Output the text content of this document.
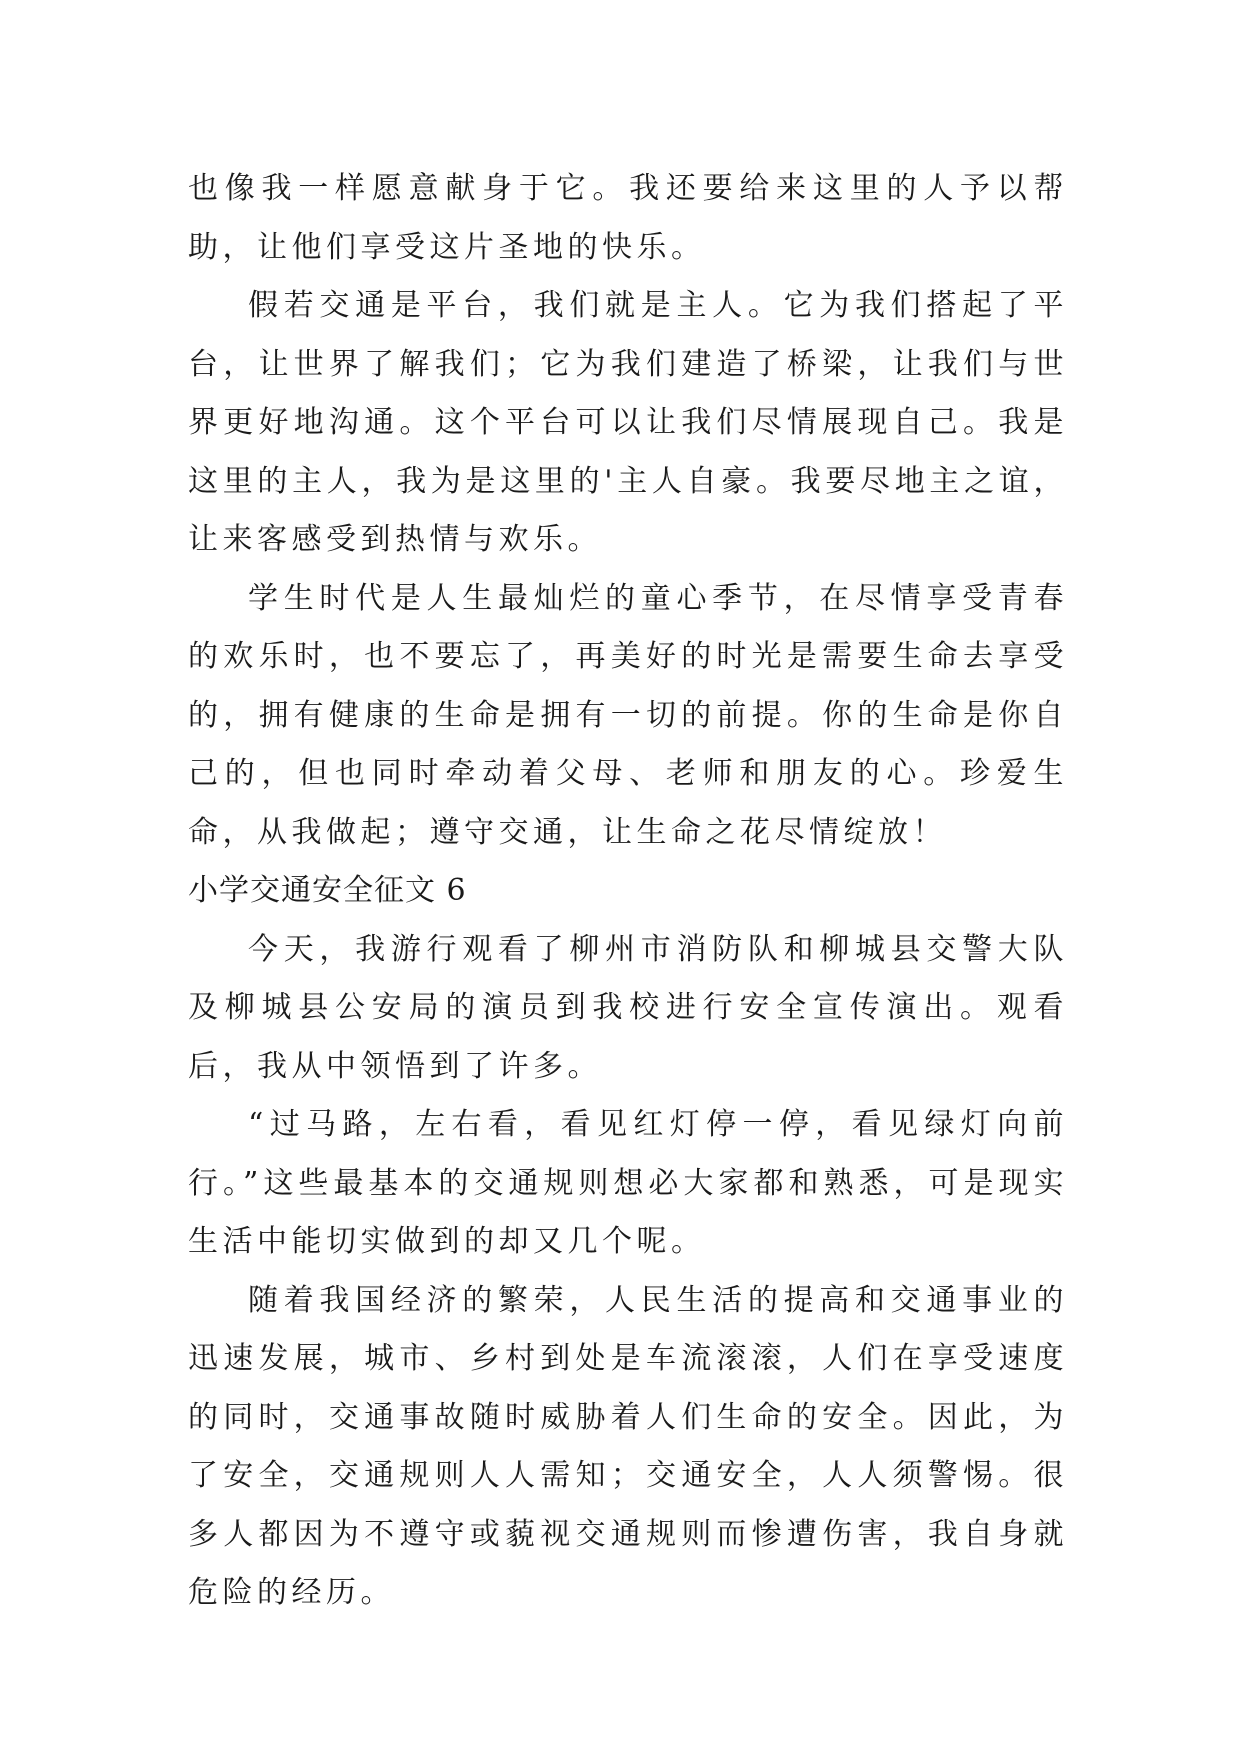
也像我一样愿意献身于它。我还要给来这里的人予以帮助，让他们享受这片圣地的快乐。

假若交通是平台，我们就是主人。它为我们搭起了平台，让世界了解我们；它为我们建造了桥梁，让我们与世界更好地沟通。这个平台可以让我们尽情展现自己。我是这里的主人，我为是这里的'主人自豪。我要尽地主之谊，让来客感受到热情与欢乐。

学生时代是人生最灿烂的童心季节，在尽情享受青春的欢乐时，也不要忘了，再美好的时光是需要生命去享受的，拥有健康的生命是拥有一切的前提。你的生命是你自己的，但也同时牵动着父母、老师和朋友的心。珍爱生命，从我做起；遵守交通，让生命之花尽情绽放！

小学交通安全征文 6

今天，我游行观看了柳州市消防队和柳城县交警大队及柳城县公安局的演员到我校进行安全宣传演出。观看后，我从中领悟到了许多。

“过马路，左右看，看见红灯停一停，看见绿灯向前行。”这些最基本的交通规则想必大家都和熟悉，可是现实生活中能切实做到的却又几个呢。

随着我国经济的繁荣，人民生活的提高和交通事业的迅速发展，城市、乡村到处是车流滚滚，人们在享受速度的同时，交通事故随时威胁着人们生命的安全。因此，为了安全，交通规则人人需知；交通安全，人人须警惕。很多人都因为不遵守或藐视交通规则而惨遭伤害，我自身就危险的经历。
